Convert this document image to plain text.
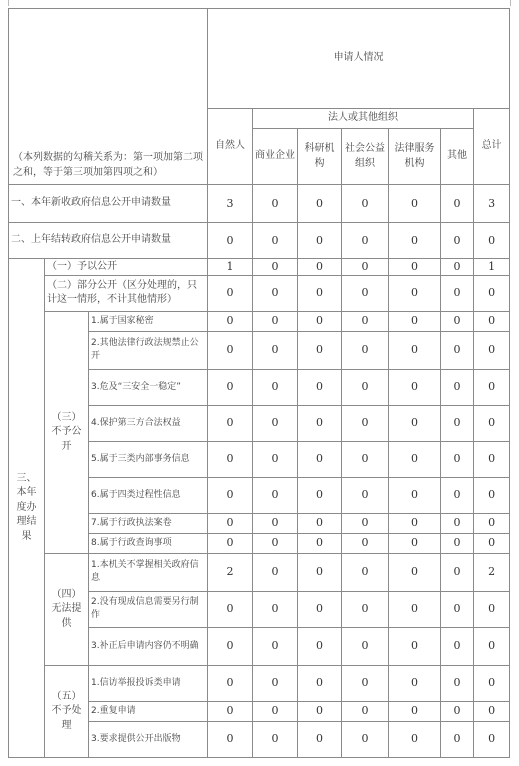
（本列数据的勾稽关系为：第一项加第二项之和，等于第三项加第四项之和）			申请人情况						
			自然人	法人或其他组织					总计
				商业企业	科研机构	社会公益组织	法律服务机构	其他	
一、本年新收政府信息公开申请数量			3	0	0	0	0	0	3
二、上年结转政府信息公开申请数量			0	0	0	0	0	0	0
三、本年度办理结果	（一）予以公开		1	0	0	0	0	0	1
	（二）部分公开（区分处理的，只计这一情形，不计其他情形）		0	0	0	0	0	0	0
	（三）不予公开	1.属于国家秘密	0	0	0	0	0	0	0
		2.其他法律行政法规禁止公开	0	0	0	0	0	0	0
		3.危及“三安全一稳定”	0	0	0	0	0	0	0
		4.保护第三方合法权益	0	0	0	0	0	0	0
		5.属于三类内部事务信息	0	0	0	0	0	0	0
		6.属于四类过程性信息	0	0	0	0	0	0	0
		7.属于行政执法案卷	0	0	0	0	0	0	0
		8.属于行政查询事项	0	0	0	0	0	0	0
	（四）无法提供	1.本机关不掌握相关政府信息	2	0	0	0	0	0	2
		2.没有现成信息需要另行制作	0	0	0	0	0	0	0
		3.补正后申请内容仍不明确	0	0	0	0	0	0	0
	（五）不予处理	1.信访举报投诉类申请	0	0	0	0	0	0	0
		2.重复申请	0	0	0	0	0	0	0
		3.要求提供公开出版物	0	0	0	0	0	0	0
